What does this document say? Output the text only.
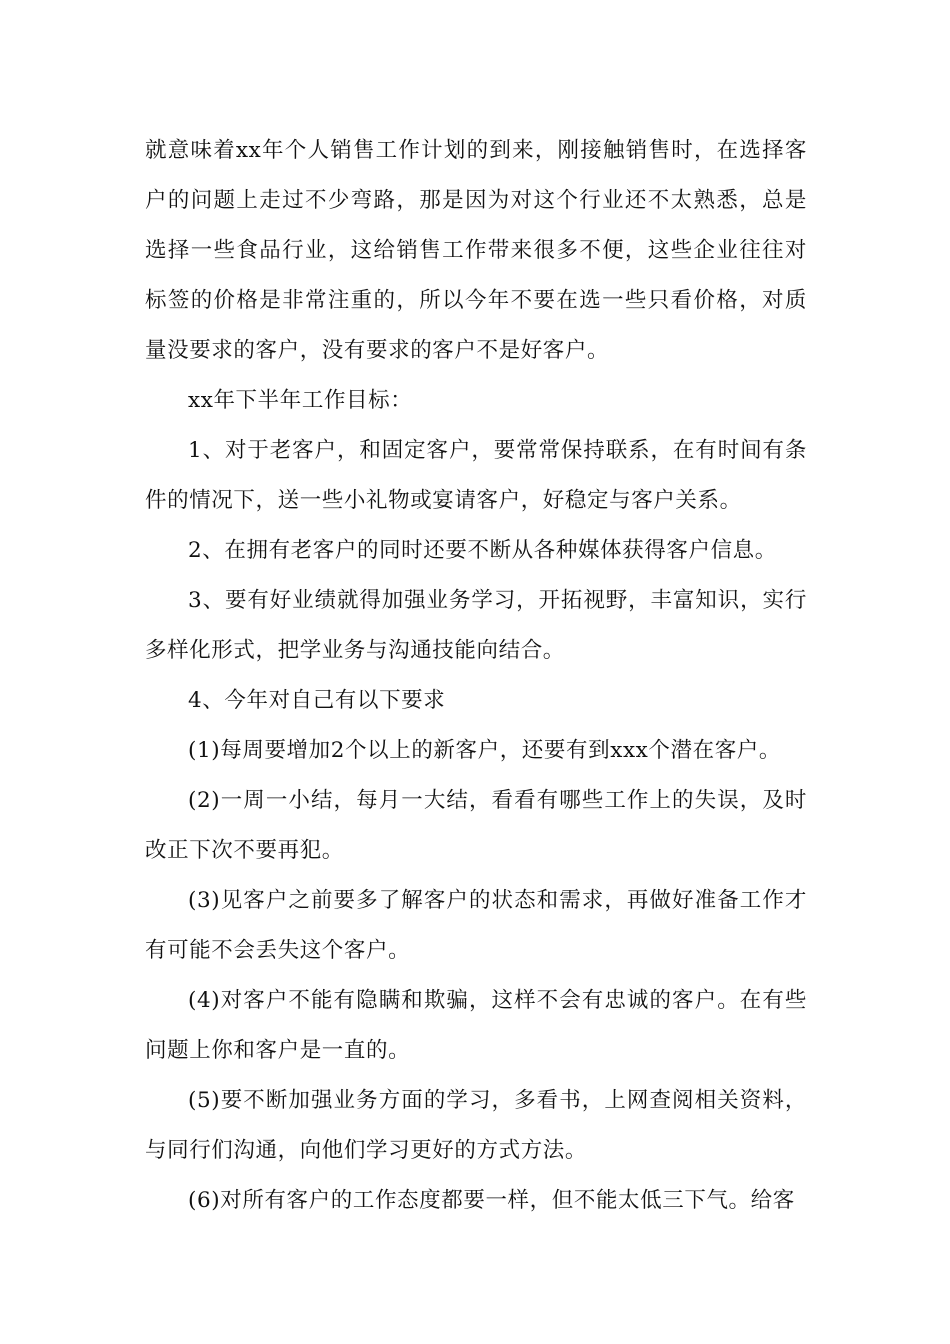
就意味着xx年个人销售工作计划的到来，刚接触销售时，在选择客户的问题上走过不少弯路，那是因为对这个行业还不太熟悉，总是选择一些食品行业，这给销售工作带来很多不便，这些企业往往对标签的价格是非常注重的，所以今年不要在选一些只看价格，对质量没要求的客户，没有要求的客户不是好客户。

xx年下半年工作目标：

1、对于老客户，和固定客户，要常常保持联系，在有时间有条件的情况下，送一些小礼物或宴请客户，好稳定与客户关系。

2、在拥有老客户的同时还要不断从各种媒体获得客户信息。

3、要有好业绩就得加强业务学习，开拓视野，丰富知识，实行多样化形式，把学业务与沟通技能向结合。

4、今年对自己有以下要求

(1)每周要增加2个以上的新客户，还要有到xxx个潜在客户。

(2)一周一小结，每月一大结，看看有哪些工作上的失误，及时改正下次不要再犯。

(3)见客户之前要多了解客户的状态和需求，再做好准备工作才有可能不会丢失这个客户。

(4)对客户不能有隐瞒和欺骗，这样不会有忠诚的客户。在有些问题上你和客户是一直的。

(5)要不断加强业务方面的学习，多看书，上网查阅相关资料，与同行们沟通，向他们学习更好的方式方法。

(6)对所有客户的工作态度都要一样，但不能太低三下气。给客
